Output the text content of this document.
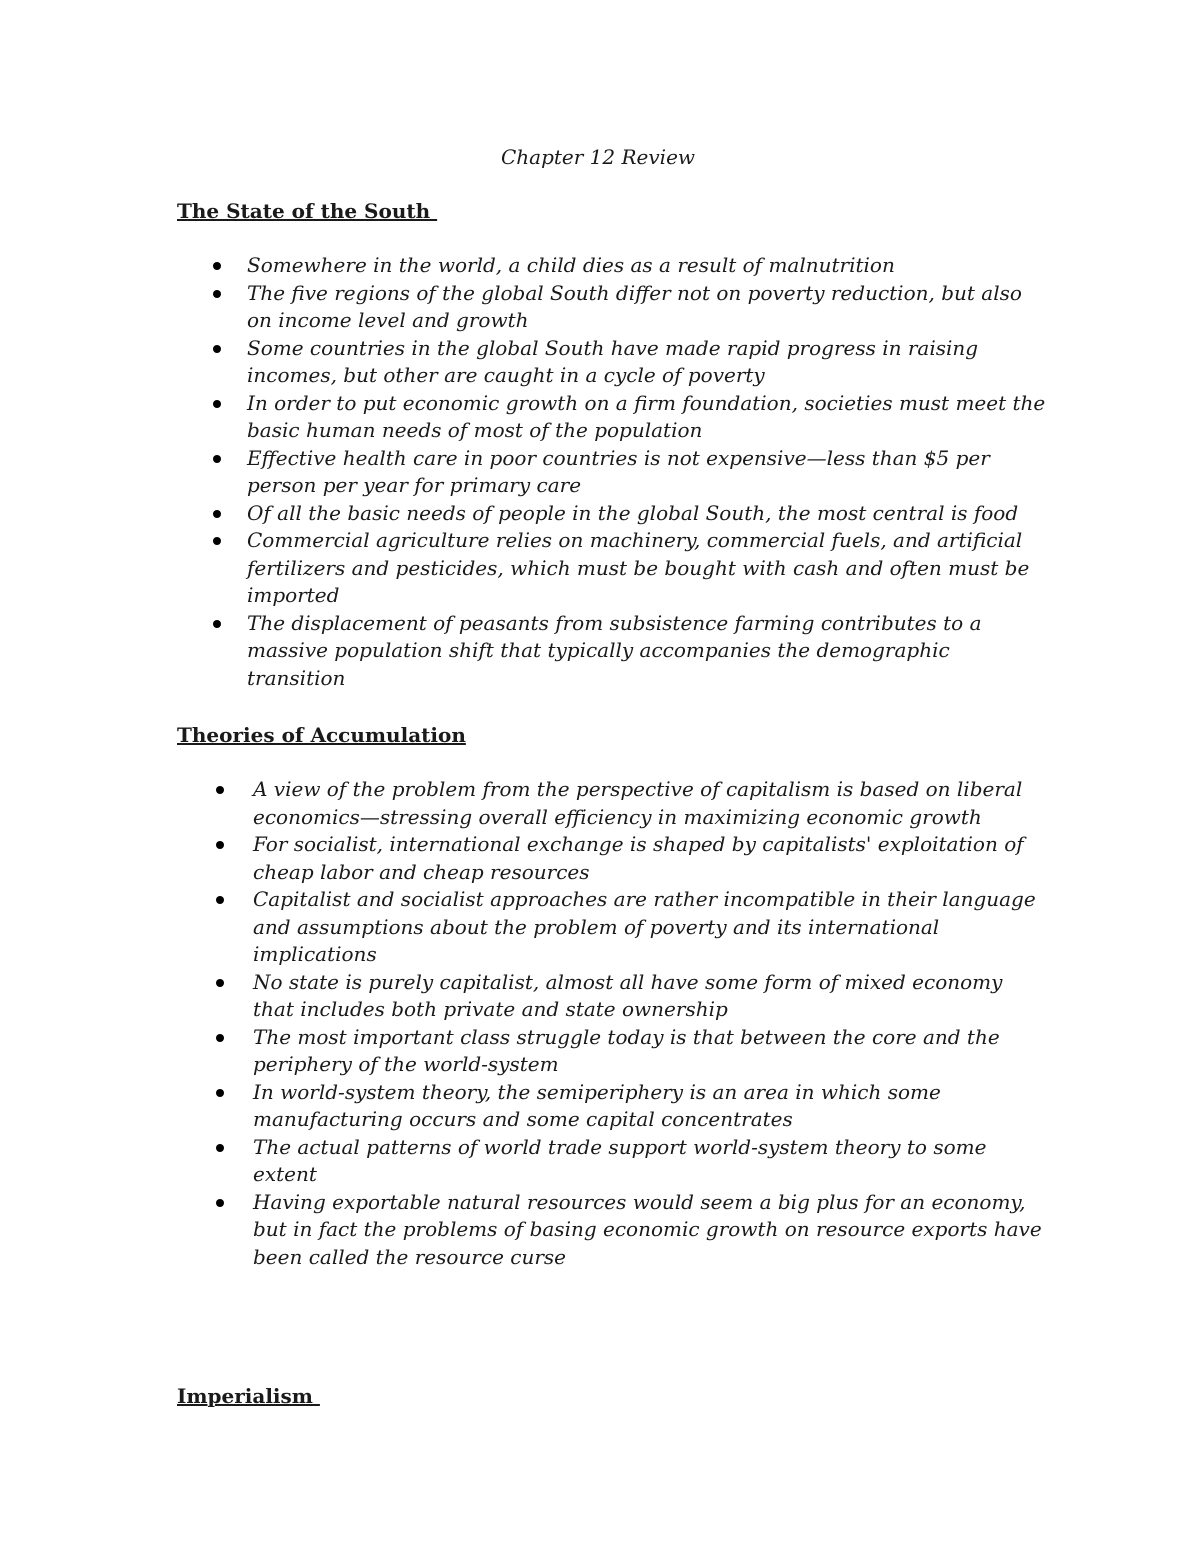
Chapter 12 Review
The State of the South
Somewhere in the world, a child dies as a result of malnutrition
The five regions of the global South differ not on poverty reduction, but also on income level and growth
Some countries in the global South have made rapid progress in raising incomes, but other are caught in a cycle of poverty
In order to put economic growth on a firm foundation, societies must meet the basic human needs of most of the population
Effective health care in poor countries is not expensive—less than $5 per person per year for primary care
Of all the basic needs of people in the global South, the most central is food
Commercial agriculture relies on machinery, commercial fuels, and artificial fertilizers and pesticides, which must be bought with cash and often must be imported
The displacement of peasants from subsistence farming contributes to a massive population shift that typically accompanies the demographic transition
Theories of Accumulation
A view of the problem from the perspective of capitalism is based on liberal economics—stressing overall efficiency in maximizing economic growth
For socialist, international exchange is shaped by capitalists' exploitation of cheap labor and cheap resources
Capitalist and socialist approaches are rather incompatible in their language and assumptions about the problem of poverty and its international implications
No state is purely capitalist, almost all have some form of mixed economy that includes both private and state ownership
The most important class struggle today is that between the core and the periphery of the world-system
In world-system theory, the semiperiphery is an area in which some manufacturing occurs and some capital concentrates
The actual patterns of world trade support world-system theory to some extent
Having exportable natural resources would seem a big plus for an economy, but in fact the problems of basing economic growth on resource exports have been called the resource curse
Imperialism
